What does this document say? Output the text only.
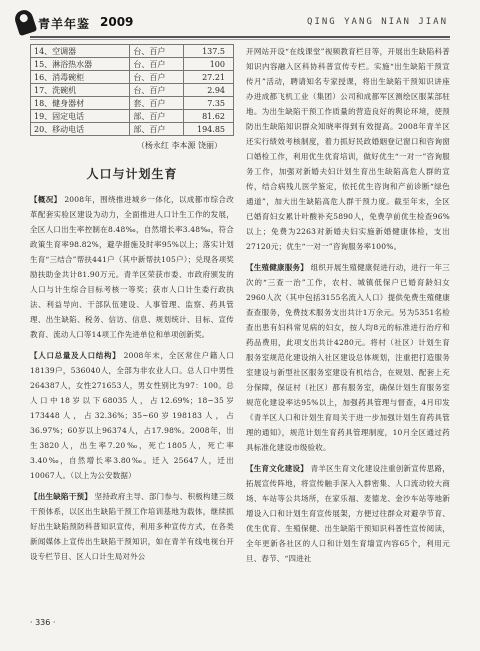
青羊年鉴 2009	QING YANG NIAN JIAN
14、空调器	台、百户	137.5
15、淋浴热水器	台、百户	100
16、消毒碗柜	台、百户	27.21
17、洗碗机	台、百户	2.94
18、健身器材	套、百户	7.35
19、固定电话	部、百户	81.62
20、移动电话	部、百户	194.85
（杨永红 李本源 饶丽）
人口与计划生育

【概况】 2008年，围绕推进城乡一体化，以成都市综合改革配套实验区建设为动力，全面推进人口计生工作的发展，全区人口出生率控制在8.48‰，自然增长率3.48‰，符合政策生育率98.82%，避孕措施及时率95%以上；落实计划生育“三结合”帮扶441户（其中新帮扶105户）；兑现各项奖励扶助金共计81.90万元。青羊区荣获市委、市政府颁发的人口与计生综合目标考核一等奖；获市人口计生委行政执法、利益导向、干部队伍建设、人事管理、监察、药具管理、出生缺陷、税务、信访、信息、规划统计、目标、宣传教育、流动人口等14项工作先进单位和单项创新奖。

【人口总量及人口结构】 2008年末，全区常住户籍人口18139户，536040人，全部为非农业人口。总人口中男性 264387人，女性271653人，男女性别比为97：100。总人口中18岁以下68035人，占12.69%；18~35岁173448人，占32.36%；35~60岁198183人，占36.97%；60岁以上96374人，占17.98%。2008年，出生3820人，出生率7.20‰，死亡1805人，死亡率3.40‰，自然增长率3.80‰。迁入 25647人，迁出10067人。（以上为公安数据）

【出生缺陷干预】 坚持政府主导、部门参与、积极构建三级干预体系，以区出生缺陷干预工作培训基地为载体，继续抓好出生缺陷预防科普知识宣传，利用多种宣传方式，在各类新闻媒体上宣传出生缺陷干预知识，如在青羊有线电视台开设专栏节目、区人口计生局对外公

开网站开设“在线课堂”视频教育栏目等，开展出生缺陷科普知识内容融入区科协科普宣传专栏。实施“出生缺陷干预宣传月”活动，聘请知名专家授课，将出生缺陷干预知识讲座办进成都飞机工业（集团）公司和成都军区测绘区服某部驻地。为出生缺陷干预工作质量的营造良好的舆论环境，使预防出生缺陷知识群众知晓率得到有效提高。2008年青羊区还实行绩效考核制度，着力抓好民政婚姻登记窗口和咨询窗口婚检工作，利用优生优育培训，做好优生“一对一”咨询服务工作，加强对新婚夫妇计划生育出生缺陷高危人群的宣传，结合病残儿医学鉴定，依托优生咨询和产前诊断“绿色通道”，加大出生缺陷高危人群干预力度。截至年末，全区已婚育妇女累计叶酸补充5890人，免费孕前优生检查96%以上；免费为2263对新婚夫妇实施新婚健康体检，支出27120元；优生“一对一”咨询服务率100%。

【生殖健康服务】 组织开展生殖健康促进行动，进行一年三次的“三查一治”工作，农村、城镇低保户已婚育龄妇女2960人次（其中包括3155名流入人口）提供免费生殖健康查查服务，免费技术服务支出共计1万余元。另为5351名检查出患有妇科常见病的妇女，按人均8元的标准进行治疗和药品费用，此项支出共计4280元。将村（社区）计划生育服务室规范化建设纳入社区建设总体规划，注重把打造服务室建设与新型社区服务室建设有机结合，在规划、配套上充分保障，保证村（社区）都有服务室，确保计划生育服务室规范化建设率达95%以上，加强药具管理与督查，4月印发《青羊区人口和计划生育局关于进一步加强计划生育药具管理的通知》，规范计划生育药具管理制度，10月全区通过药具标准化建设市级验收。

【生育文化建设】 青羊区生育文化建设注重创新宣传思路，拓展宣传阵地，将宣传触手深入入群密集、人口流动较大商场、车站等公共场所，在家乐福、麦德龙、金沙车站等地新增设入口和计划生育宣传展架，方便过往群众对避孕节育、优生优育、生殖保健、出生缺陷干预知识科普性宣传阅读，全年更新各社区的人口和计划生育墙宣内容65个，利用元旦、春节、“四进社

· 336 ·
